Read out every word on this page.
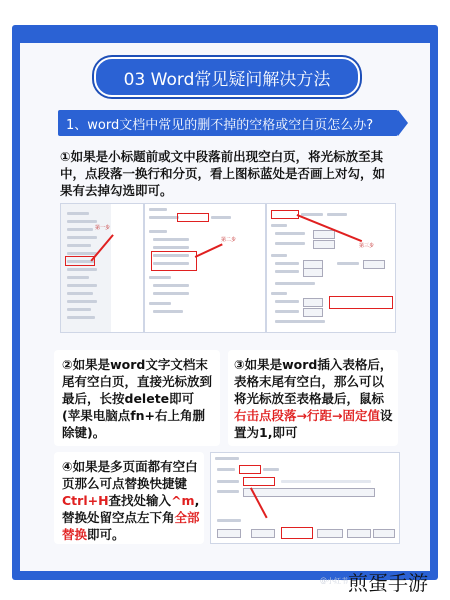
03 Word常见疑问解决方法
1、word文档中常见的删不掉的空格或空白页怎么办?
①如果是小标题前或文中段落前出现空白页，将光标放至其中，点段落一换行和分页，看上图标蓝处是否画上对勾，如果有去掉勾选即可。
第一步
第二步
第三步
②如果是word文字文档末尾有空白页，直接光标放到最后，长按delete即可(苹果电脑点fn+右上角删除键)。
③如果是word插入表格后，表格末尾有空白，那么可以将光标放至表格最后，鼠标右击点段落→行距→固定值设置为1,即可
④如果是多页面都有空白页那么可点替换快捷键Ctrl+H查找处输入^m,替换处留空点左下角全部替换即可。
@小红书 煎蛋手游
